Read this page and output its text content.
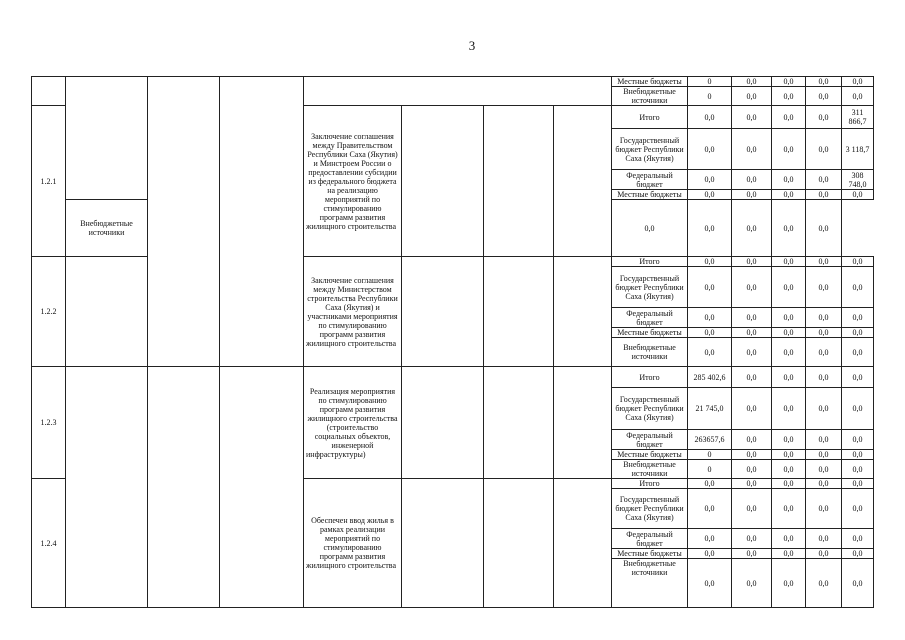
3
								Местные бюджеты	0	0,0	0,0	0,0	0,0
								Внебюджетные источники	0	0,0	0,0	0,0	0,0
1.2.1				Заключение соглашения между Правительством Республики Саха (Якутия) и Минстроем России о предоставлении субсидии из федерального бюджета на реализацию мероприятий по стимулированию программ развития жилищного строительства				Итого	0,0	0,0	0,0	0,0	311 866,7
								Государственный бюджет Республики Саха (Якутия)	0,0	0,0	0,0	0,0	3 118,7
								Федеральный бюджет	0,0	0,0	0,0	0,0	308 748,0
								Местные бюджеты	0,0	0,0	0,0	0,0	0,0
	Внебюджетные источники							0,0	0,0	0,0	0,0	0,0	
1.2.2				Заключение соглашения между Министерством строительства Республики Саха (Якутия) и участниками мероприятия по стимулированию программ развития жилищного строительства				Итого	0,0	0,0	0,0	0,0	0,0
								Государственный бюджет Республики Саха (Якутия)	0,0	0,0	0,0	0,0	0,0
								Федеральный бюджет	0,0	0,0	0,0	0,0	0,0
								Местные бюджеты	0,0	0,0	0,0	0,0	0,0
								Внебюджетные источники	0,0	0,0	0,0	0,0	0,0
1.2.3				Реализация мероприятия по стимулированию программ развития жилищного строительства (строительство социальных объектов, инженерной инфраструктуры)				Итого	285 402,6	0,0	0,0	0,0	0,0
								Государственный бюджет Республики Саха (Якутия)	21 745,0	0,0	0,0	0,0	0,0
								Федеральный бюджет	263657,6	0,0	0,0	0,0	0,0
								Местные бюджеты	0	0,0	0,0	0,0	0,0
								Внебюджетные источники	0	0,0	0,0	0,0	0,0
1.2.4				Обеспечен ввод жилья в рамках реализации мероприятий по стимулированию программ развития жилищного строительства				Итого	0,0	0,0	0,0	0,0	0,0
								Государственный бюджет Республики Саха (Якутия)	0,0	0,0	0,0	0,0	0,0
								Федеральный бюджет	0,0	0,0	0,0	0,0	0,0
								Местные бюджеты	0,0	0,0	0,0	0,0	0,0
								Внебюджетные источники	0,0	0,0	0,0	0,0	0,0
